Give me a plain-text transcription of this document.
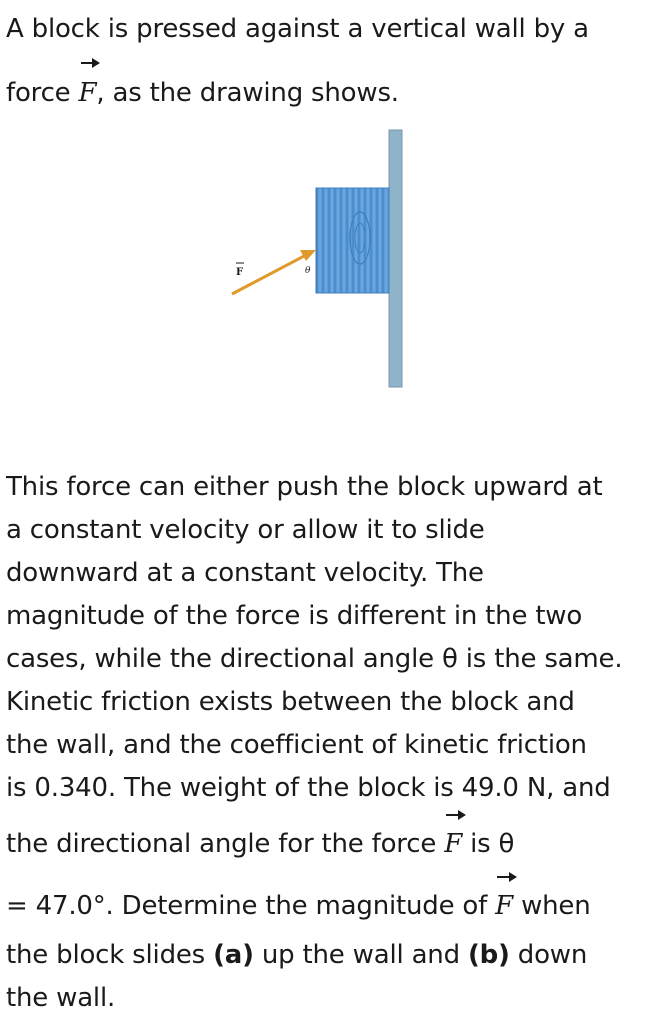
A block is pressed against a vertical wall by a
force F, as the drawing shows.
F	θ
This force can either push the block upward at
a constant velocity or allow it to slide
downward at a constant velocity. The
magnitude of the force is different in the two
cases, while the directional angle θ is the same.
Kinetic friction exists between the block and
the wall, and the coefficient of kinetic friction
is 0.340. The weight of the block is 49.0 N, and
the directional angle for the force F is θ
= 47.0°. Determine the magnitude of F when
the block slides (a) up the wall and (b) down
the wall.
